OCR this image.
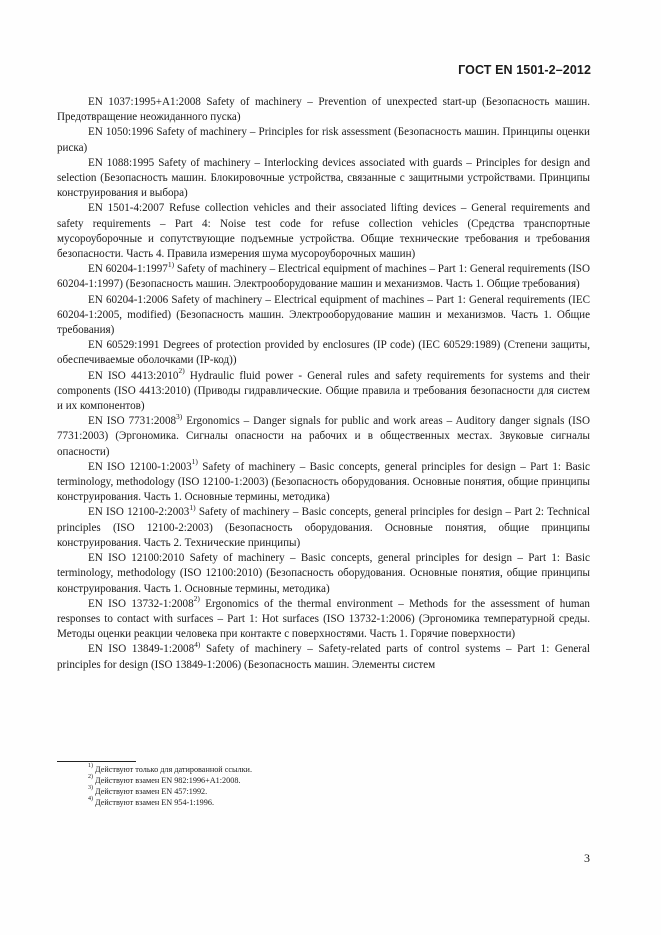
ГОСТ EN 1501-2–2012

EN 1037:1995+A1:2008 Safety of machinery – Prevention of unexpected start-up (Безопасность машин. Предотвращение неожиданного пуска)

EN 1050:1996 Safety of machinery – Principles for risk assessment (Безопасность машин. Принципы оценки риска)

EN 1088:1995 Safety of machinery – Interlocking devices associated with guards – Principles for design and selection (Безопасность машин. Блокировочные устройства, связанные с защитными устройствами. Принципы конструирования и выбора)

EN 1501-4:2007 Refuse collection vehicles and their associated lifting devices – General requirements and safety requirements – Part 4: Noise test code for refuse collection vehicles (Средства транспортные мусороуборочные и сопутствующие подъемные устройства. Общие технические требования и требования безопасности. Часть 4. Правила измерения шума мусороуборочных машин)

EN 60204-1:1997$^{1)}$ Safety of machinery – Electrical equipment of machines – Part 1: General requirements (ISO 60204-1:1997) (Безопасность машин. Электрооборудование машин и механизмов. Часть 1. Общие требования)

EN 60204-1:2006 Safety of machinery – Electrical equipment of machines – Part 1: General requirements (IEC 60204-1:2005, modified) (Безопасность машин. Электрооборудование машин и механизмов. Часть 1. Общие требования)

EN 60529:1991 Degrees of protection provided by enclosures (IP code) (IEC 60529:1989) (Степени защиты, обеспечиваемые оболочками (IP-код))

EN ISO 4413:2010$^{2)}$ Hydraulic fluid power - General rules and safety requirements for systems and their components (ISO 4413:2010) (Приводы гидравлические. Общие правила и требования безопасности для систем и их компонентов)

EN ISO 7731:2008$^{3)}$ Ergonomics – Danger signals for public and work areas – Auditory danger signals (ISO 7731:2003) (Эргономика. Сигналы опасности на рабочих и в общественных местах. Звуковые сигналы опасности)

EN ISO 12100-1:2003$^{1)}$ Safety of machinery – Basic concepts, general principles for design – Part 1: Basic terminology, methodology (ISO 12100-1:2003) (Безопасность оборудования. Основные понятия, общие принципы конструирования. Часть 1. Основные термины, методика)

EN ISO 12100-2:2003$^{1)}$ Safety of machinery – Basic concepts, general principles for design – Part 2: Technical principles (ISO 12100-2:2003) (Безопасность оборудования. Основные понятия, общие принципы конструирования. Часть 2. Технические принципы)

EN ISO 12100:2010 Safety of machinery – Basic concepts, general principles for design – Part 1: Basic terminology, methodology (ISO 12100:2010) (Безопасность оборудования. Основные понятия, общие принципы конструирования. Часть 1. Основные термины, методика)

EN ISO 13732-1:2008$^{2)}$ Ergonomics of the thermal environment – Methods for the assessment of human responses to contact with surfaces – Part 1: Hot surfaces (ISO 13732-1:2006) (Эргономика температурной среды. Методы оценки реакции человека при контакте с поверхностями. Часть 1. Горячие поверхности)

EN ISO 13849-1:2008$^{4)}$ Safety of machinery – Safety-related parts of control systems – Part 1: General principles for design (ISO 13849-1:2006) (Безопасность машин. Элементы систем

$^{1)}$ Действуют только для датированной ссылки.
$^{2)}$ Действуют взамен EN 982:1996+A1:2008.
$^{3)}$ Действуют взамен EN 457:1992.
$^{4)}$ Действуют взамен EN 954-1:1996.
3
